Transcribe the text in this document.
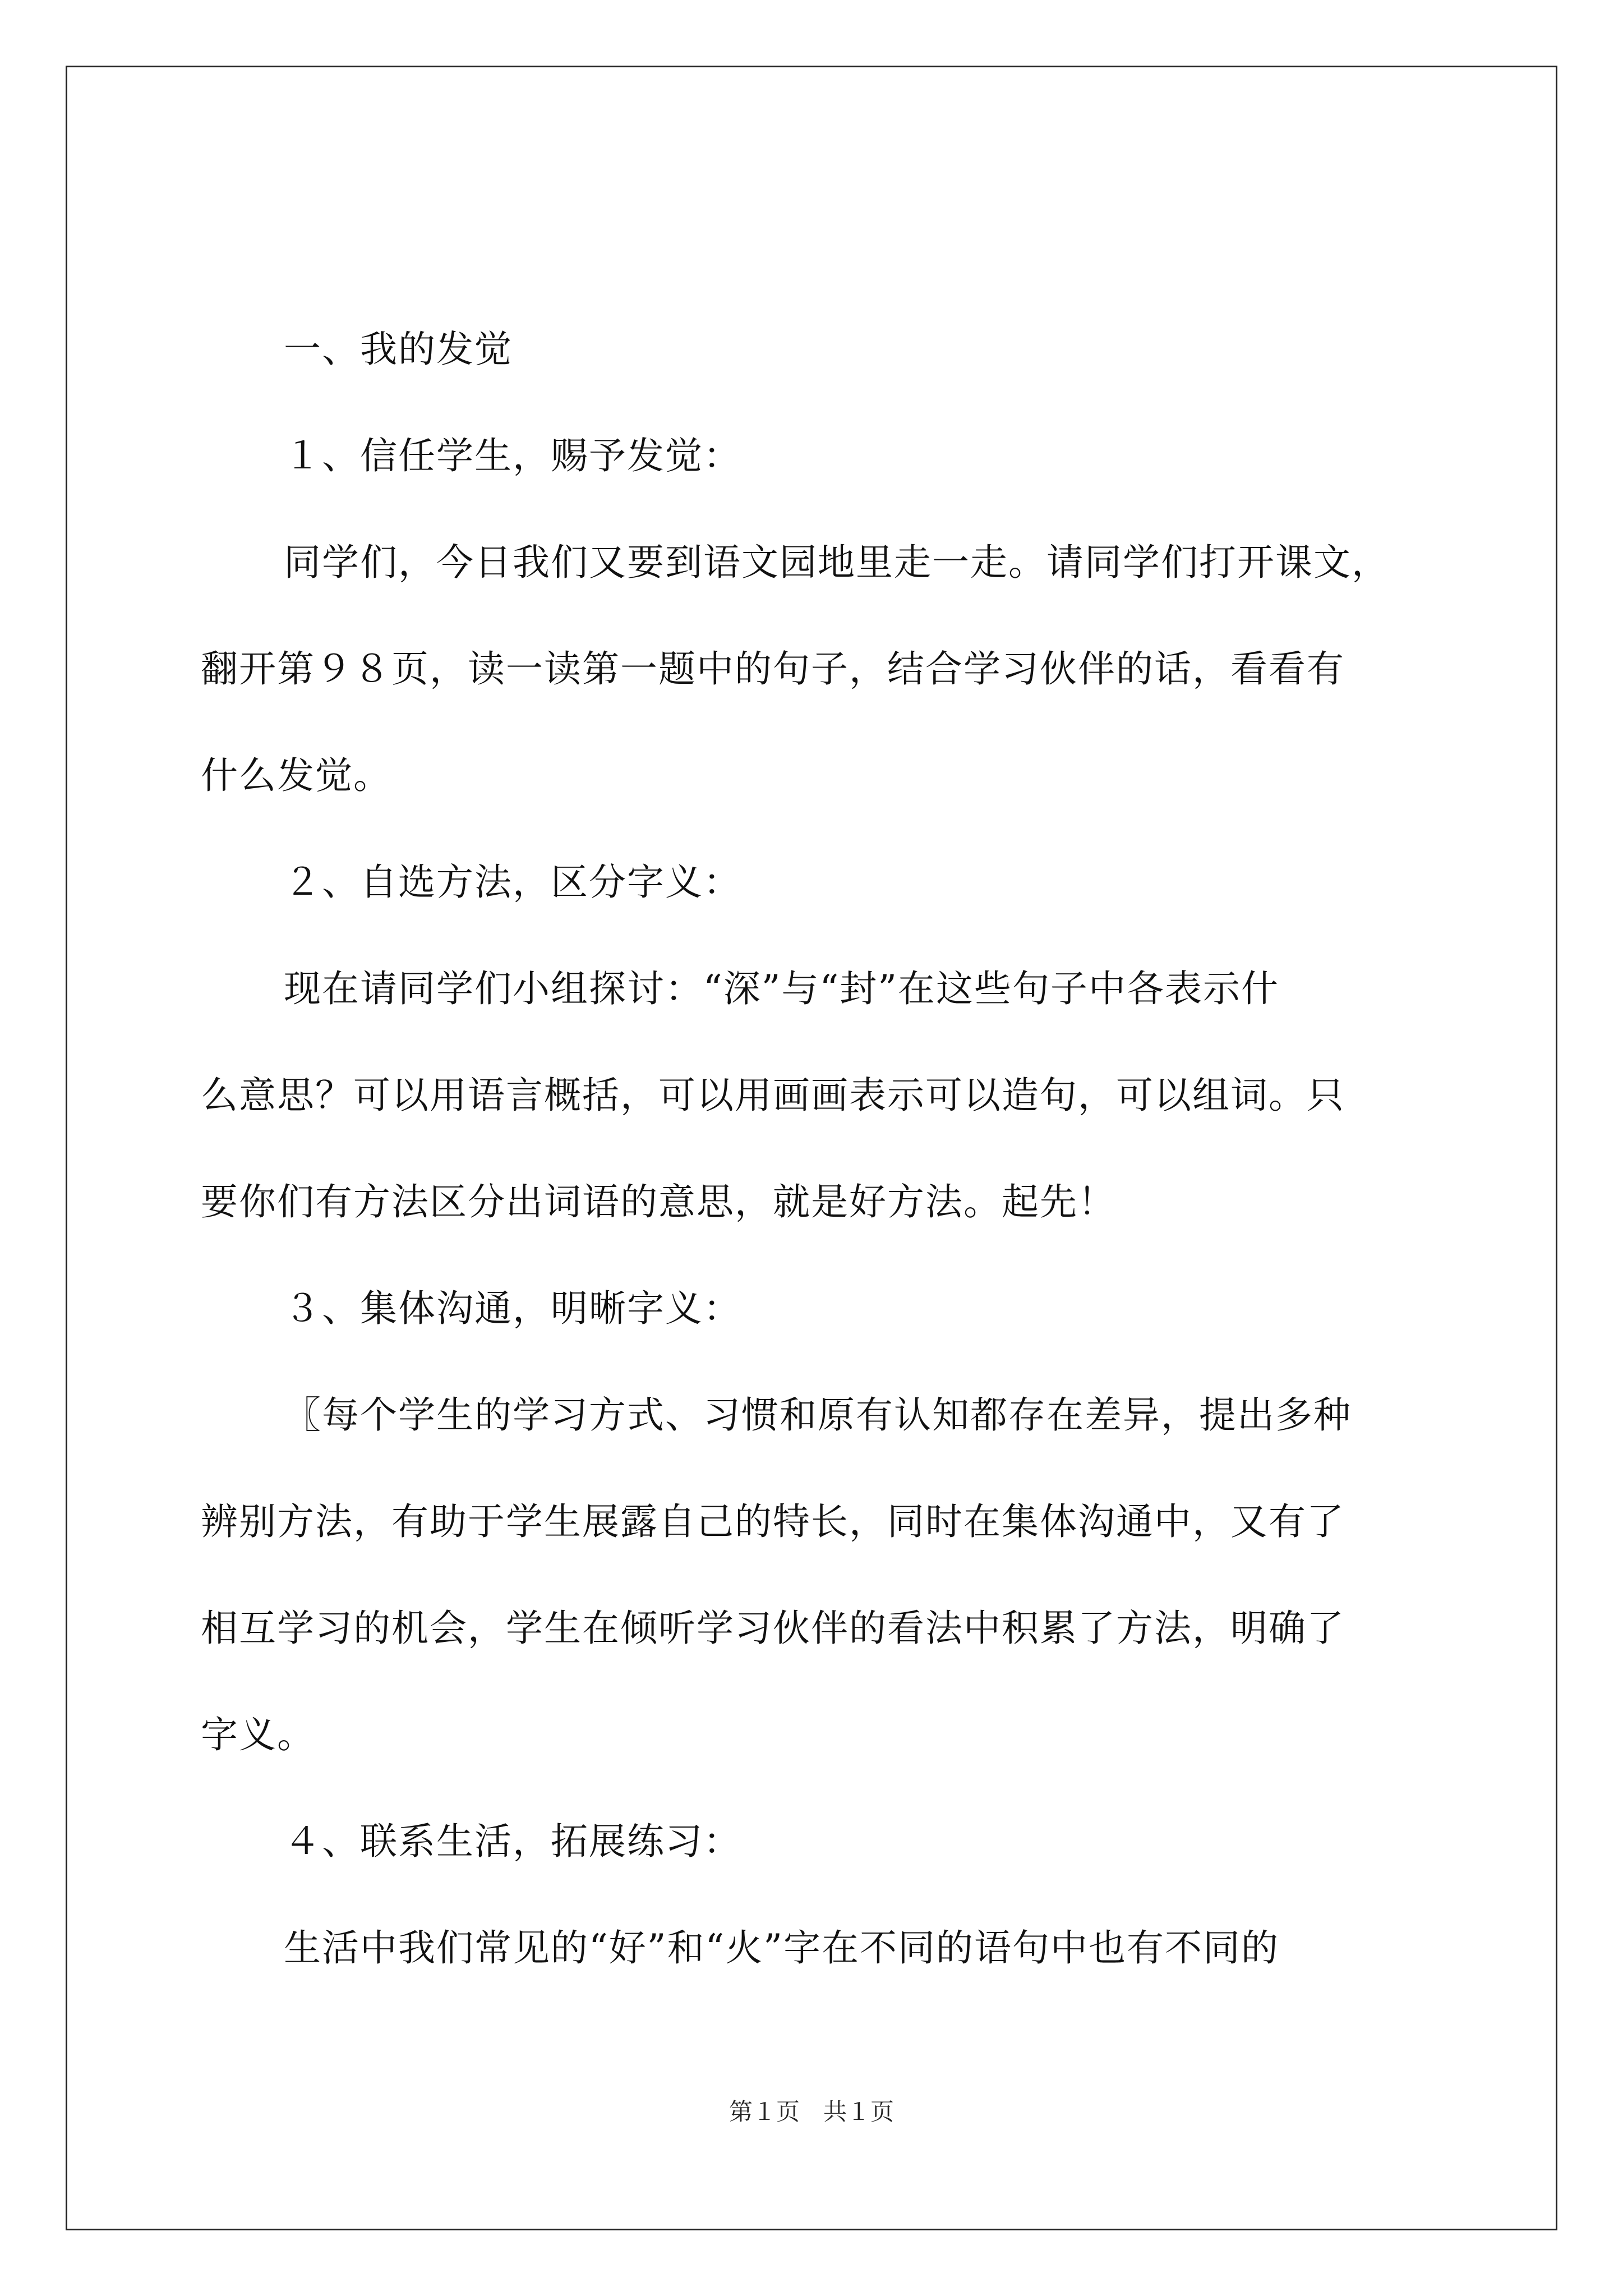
一、我的发觉
１、信任学生，赐予发觉：
同学们，今日我们又要到语文园地里走一走。请同学们打开课文，
翻开第９８页，读一读第一题中的句子，结合学习伙伴的话，看看有
什么发觉。
２、自选方法，区分字义：
现在请同学们小组探讨：“深”与“封”在这些句子中各表示什
么意思？可以用语言概括，可以用画画表示可以造句，可以组词。只
要你们有方法区分出词语的意思，就是好方法。起先！
３、集体沟通，明晰字义：
〖每个学生的学习方式、习惯和原有认知都存在差异，提出多种
辨别方法，有助于学生展露自己的特长，同时在集体沟通中，又有了
相互学习的机会，学生在倾听学习伙伴的看法中积累了方法，明确了
字义。
４、联系生活，拓展练习：
生活中我们常见的“好”和“火”字在不同的语句中也有不同的
第１页　共１页
